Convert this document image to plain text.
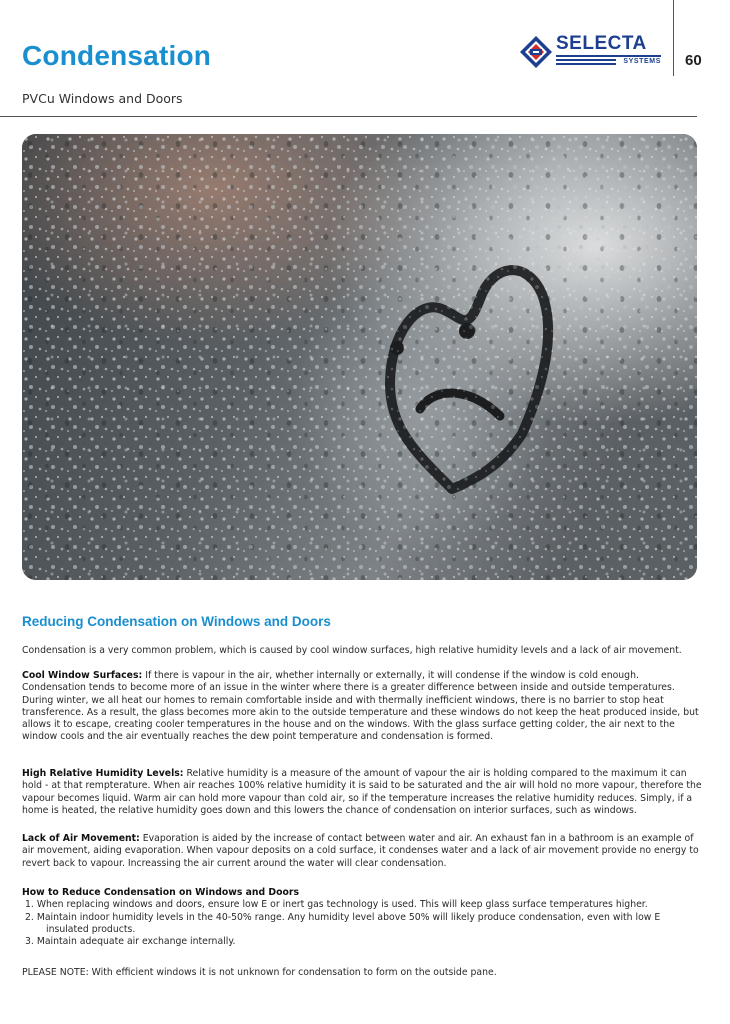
Condensation
PVCu Windows and Doors
60
SELECTA
SYSTEMS
Reducing Condensation on Windows and Doors
Condensation is a very common problem, which is caused by cool window surfaces, high relative humidity levels and a lack of air movement.
Cool Window Surfaces: If there is vapour in the air, whether internally or externally, it will condense if the window is cold enough. Condensation tends to become more of an issue in the winter where there is a greater difference between inside and outside temperatures. During winter, we all heat our homes to remain comfortable inside and with thermally inefficient windows, there is no barrier to stop heat transference. As a result, the glass becomes more akin to the outside temperature and these windows do not keep the heat produced inside, but allows it to escape, creating cooler temperatures in the house and on the windows. With the glass surface getting colder, the air next to the window cools and the air eventually reaches the dew point temperature and condensation is formed.
High Relative Humidity Levels: Relative humidity is a measure of the amount of vapour the air is holding compared to the maximum it can hold - at that rempterature. When air reaches 100% relative humidity it is said to be saturated and the air will hold no more vapour, therefore the vapour becomes liquid. Warm air can hold more vapour than cold air, so if the temperature increases the relative humidity reduces. Simply, if a home is heated, the relative humidity goes down and this lowers the chance of condensation on interior surfaces, such as windows.
Lack of Air Movement: Evaporation is aided by the increase of contact between water and air. An exhaust fan in a bathroom is an example of air movement, aiding evaporation. When vapour deposits on a cold surface, it condenses water and a lack of air movement provide no energy to revert back to vapour. Increassing the air current around the water will clear condensation.
How to Reduce Condensation on Windows and Doors
1. When replacing windows and doors, ensure low E or inert gas technology is used. This will keep glass surface temperatures higher.
2. Maintain indoor humidity levels in the 40-50% range. Any humidity level above 50% will likely produce condensation, even with low E
insulated products.
3. Maintain adequate air exchange internally.
PLEASE NOTE: With efficient windows it is not unknown for condensation to form on the outside pane.
